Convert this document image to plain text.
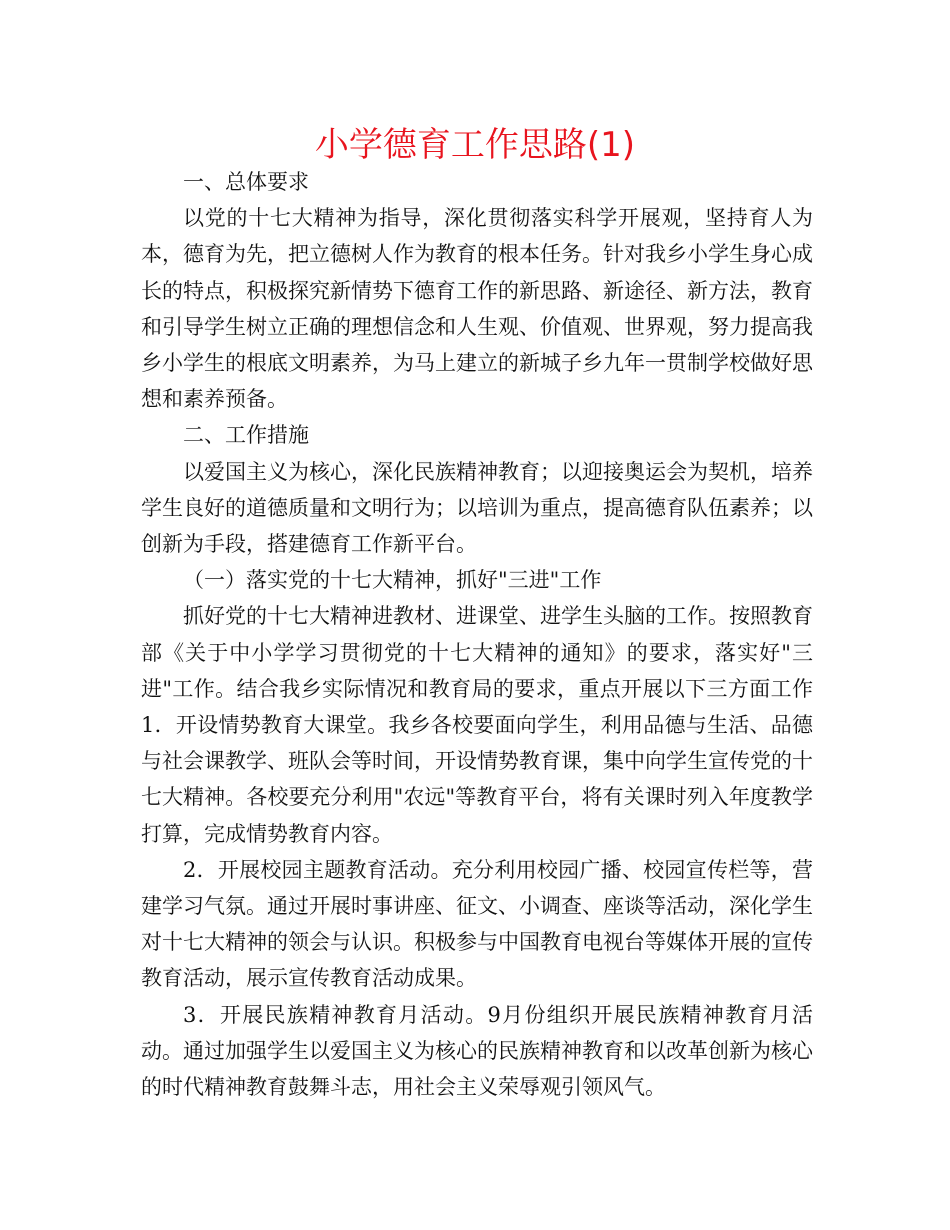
小学德育工作思路(1)

一、总体要求

以党的十七大精神为指导，深化贯彻落实科学开展观，坚持育人为本，德育为先，把立德树人作为教育的根本任务。针对我乡小学生身心成长的特点，积极探究新情势下德育工作的新思路、新途径、新方法，教育和引导学生树立正确的理想信念和人生观、价值观、世界观，努力提高我乡小学生的根底文明素养，为马上建立的新城子乡九年一贯制学校做好思想和素养预备。

二、工作措施

以爱国主义为核心，深化民族精神教育；以迎接奥运会为契机，培养学生良好的道德质量和文明行为；以培训为重点，提高德育队伍素养；以创新为手段，搭建德育工作新平台。

（一）落实党的十七大精神，抓好"三进"工作

抓好党的十七大精神进教材、进课堂、进学生头脑的工作。按照教育部《关于中小学学习贯彻党的十七大精神的通知》的要求，落实好"三进"工作。结合我乡实际情况和教育局的要求，重点开展以下三方面工作　　1．开设情势教育大课堂。我乡各校要面向学生，利用品德与生活、品德与社会课教学、班队会等时间，开设情势教育课，集中向学生宣传党的十七大精神。各校要充分利用"农远"等教育平台，将有关课时列入年度教学打算，完成情势教育内容。

2．开展校园主题教育活动。充分利用校园广播、校园宣传栏等，营建学习气氛。通过开展时事讲座、征文、小调查、座谈等活动，深化学生对十七大精神的领会与认识。积极参与中国教育电视台等媒体开展的宣传教育活动，展示宣传教育活动成果。

3．开展民族精神教育月活动。9月份组织开展民族精神教育月活动。通过加强学生以爱国主义为核心的民族精神教育和以改革创新为核心的时代精神教育鼓舞斗志，用社会主义荣辱观引领风气。
